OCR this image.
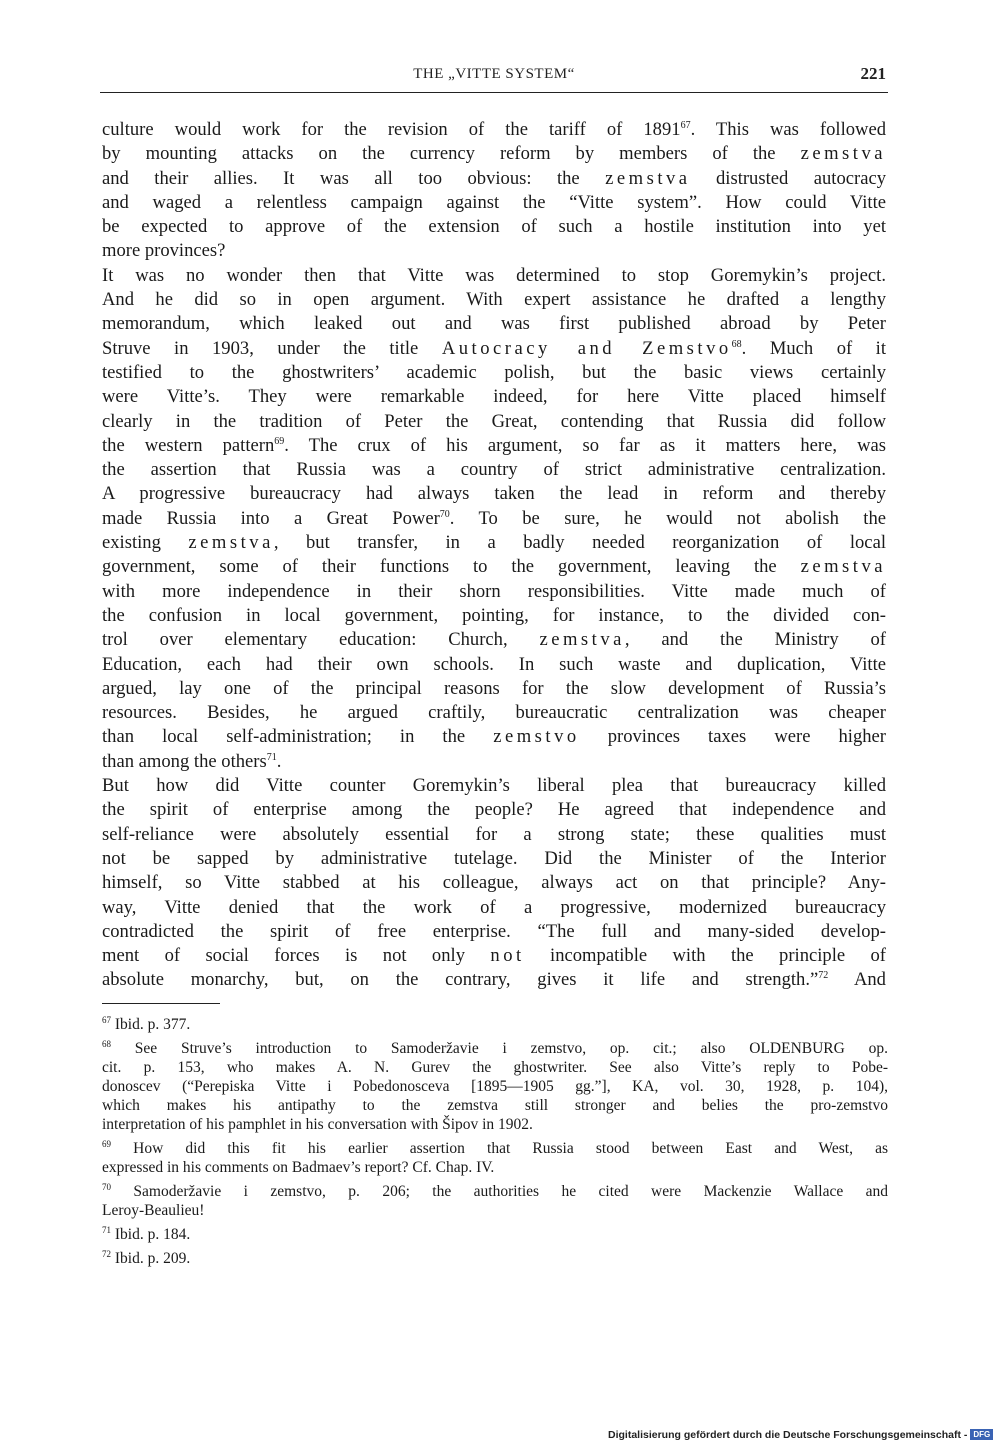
THE „VITTE SYSTEM“	221
culture would work for the revision of the tariff of 1891$^{67}$. This was followed
by mounting attacks on the currency reform by members of the zemstva
and their allies. It was all too obvious: the zemstva distrusted autocracy
and waged a relentless campaign against the “Vitte system”. How could Vitte
be expected to approve of the extension of such a hostile institution into yet
more provinces?
It was no wonder then that Vitte was determined to stop Goremykin’s project.
And he did so in open argument. With expert assistance he drafted a lengthy
memorandum, which leaked out and was first published abroad by Peter
Struve in 1903, under the title Autocracy and Zemstvo$^{68}$. Much of it
testified to the ghostwriters’ academic polish, but the basic views certainly
were Vitte’s. They were remarkable indeed, for here Vitte placed himself
clearly in the tradition of Peter the Great, contending that Russia did follow
the western pattern$^{69}$. The crux of his argument, so far as it matters here, was
the assertion that Russia was a country of strict administrative centralization.
A progressive bureaucracy had always taken the lead in reform and thereby
made Russia into a Great Power$^{70}$. To be sure, he would not abolish the
existing zemstva, but transfer, in a badly needed reorganization of local
government, some of their functions to the government, leaving the zemstva
with more independence in their shorn responsibilities. Vitte made much of
the confusion in local government, pointing, for instance, to the divided con-
trol over elementary education: Church, zemstva, and the Ministry of
Education, each had their own schools. In such waste and duplication, Vitte
argued, lay one of the principal reasons for the slow development of Russia’s
resources. Besides, he argued craftily, bureaucratic centralization was cheaper
than local self-administration; in the zemstvo provinces taxes were higher
than among the others$^{71}$.
But how did Vitte counter Goremykin’s liberal plea that bureaucracy killed
the spirit of enterprise among the people? He agreed that independence and
self-reliance were absolutely essential for a strong state; these qualities must
not be sapped by administrative tutelage. Did the Minister of the Interior
himself, so Vitte stabbed at his colleague, always act on that principle? Any-
way, Vitte denied that the work of a progressive, modernized bureaucracy
contradicted the spirit of free enterprise. “The full and many-sided develop-
ment of social forces is not only not incompatible with the principle of
absolute monarchy, but, on the contrary, gives it life and strength.”$^{72}$ And
$^{67}$ Ibid. p. 377.
$^{68}$ See Struve’s introduction to Samoderžavie i zemstvo, op. cit.; also OLDENBURG op.
cit. p. 153, who makes A. N. Gurev the ghostwriter. See also Vitte’s reply to Pobe-
donoscev (“Perepiska Vitte i Pobedonosceva [1895—1905 gg.”], KA, vol. 30, 1928, p. 104),
which makes his antipathy to the zemstva still stronger and belies the pro-zemstvo
interpretation of his pamphlet in his conversation with Šipov in 1902.
$^{69}$ How did this fit his earlier assertion that Russia stood between East and West, as
expressed in his comments on Badmaev’s report? Cf. Chap. IV.
$^{70}$ Samoderžavie i zemstvo, p. 206; the authorities he cited were Mackenzie Wallace and
Leroy-Beaulieu!
$^{71}$ Ibid. p. 184.
$^{72}$ Ibid. p. 209.
Digitalisierung gefördert durch die Deutsche Forschungsgemeinschaft - DFG
